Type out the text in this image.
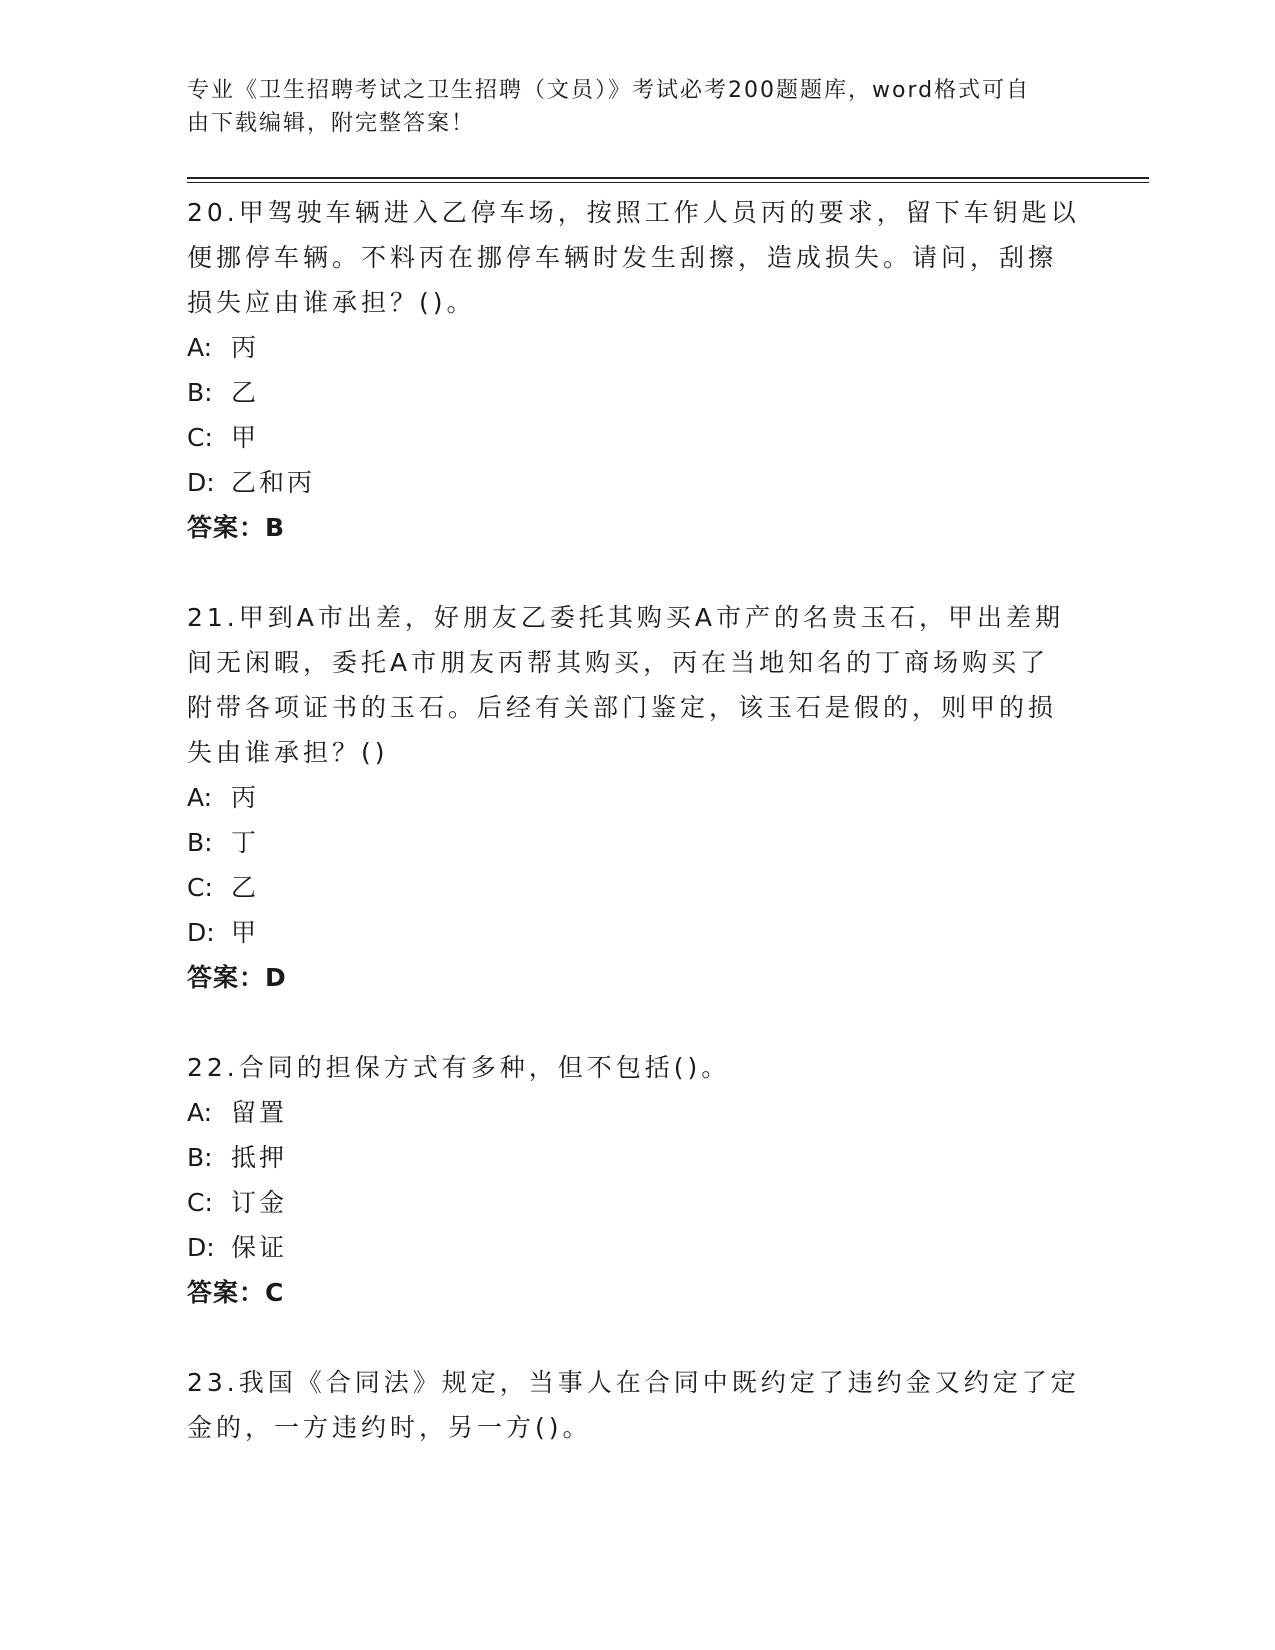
专业《卫生招聘考试之卫生招聘（文员）》考试必考200题题库，word格式可自
由下载编辑，附完整答案！
20.甲驾驶车辆进入乙停车场，按照工作人员丙的要求，留下车钥匙以
便挪停车辆。不料丙在挪停车辆时发生刮擦，造成损失。请问，刮擦
损失应由谁承担？()。
A: 丙
B: 乙
C: 甲
D: 乙和丙
答案：B
21.甲到A市出差，好朋友乙委托其购买A市产的名贵玉石，甲出差期
间无闲暇，委托A市朋友丙帮其购买，丙在当地知名的丁商场购买了
附带各项证书的玉石。后经有关部门鉴定，该玉石是假的，则甲的损
失由谁承担？()
A: 丙
B: 丁
C: 乙
D: 甲
答案：D
22.合同的担保方式有多种，但不包括()。
A: 留置
B: 抵押
C: 订金
D: 保证
答案：C
23.我国《合同法》规定，当事人在合同中既约定了违约金又约定了定
金的，一方违约时，另一方()。
